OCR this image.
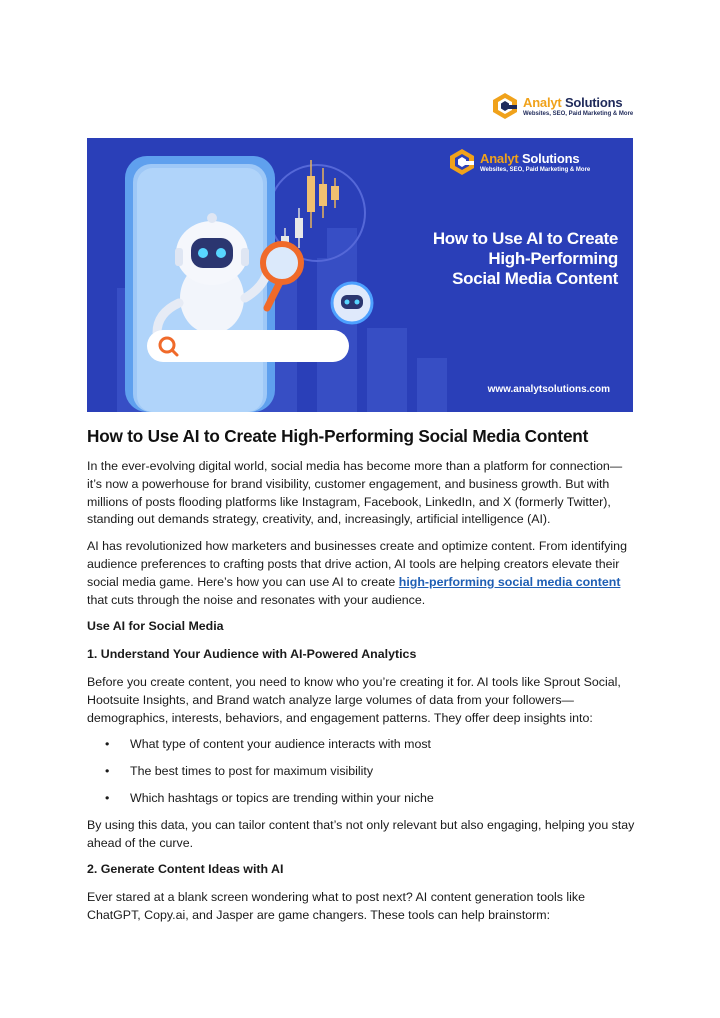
Analyt Solutions
Websites, SEO, Paid Marketing & More
Analyt Solutions
Websites, SEO, Paid Marketing & More
How to Use AI to Create
High-Performing
Social Media Content
www.analytsolutions.com
How to Use AI to Create High-Performing Social Media Content

In the ever-evolving digital world, social media has become more than a platform for connection—it’s now a powerhouse for brand visibility, customer engagement, and business growth. But with millions of posts flooding platforms like Instagram, Facebook, LinkedIn, and X (formerly Twitter), standing out demands strategy, creativity, and, increasingly, artificial intelligence (AI).

AI has revolutionized how marketers and businesses create and optimize content. From identifying audience preferences to crafting posts that drive action, AI tools are helping creators elevate their social media game. Here’s how you can use AI to create high-performing social media content that cuts through the noise and resonates with your audience.

Use AI for Social Media

1. Understand Your Audience with AI-Powered Analytics

Before you create content, you need to know who you’re creating it for. AI tools like Sprout Social, Hootsuite Insights, and Brand watch analyze large volumes of data from your followers—demographics, interests, behaviors, and engagement patterns. They offer deep insights into:

• What type of content your audience interacts with most
• The best times to post for maximum visibility
• Which hashtags or topics are trending within your niche

By using this data, you can tailor content that’s not only relevant but also engaging, helping you stay ahead of the curve.

2. Generate Content Ideas with AI

Ever stared at a blank screen wondering what to post next? AI content generation tools like ChatGPT, Copy.ai, and Jasper are game changers. These tools can help brainstorm:
